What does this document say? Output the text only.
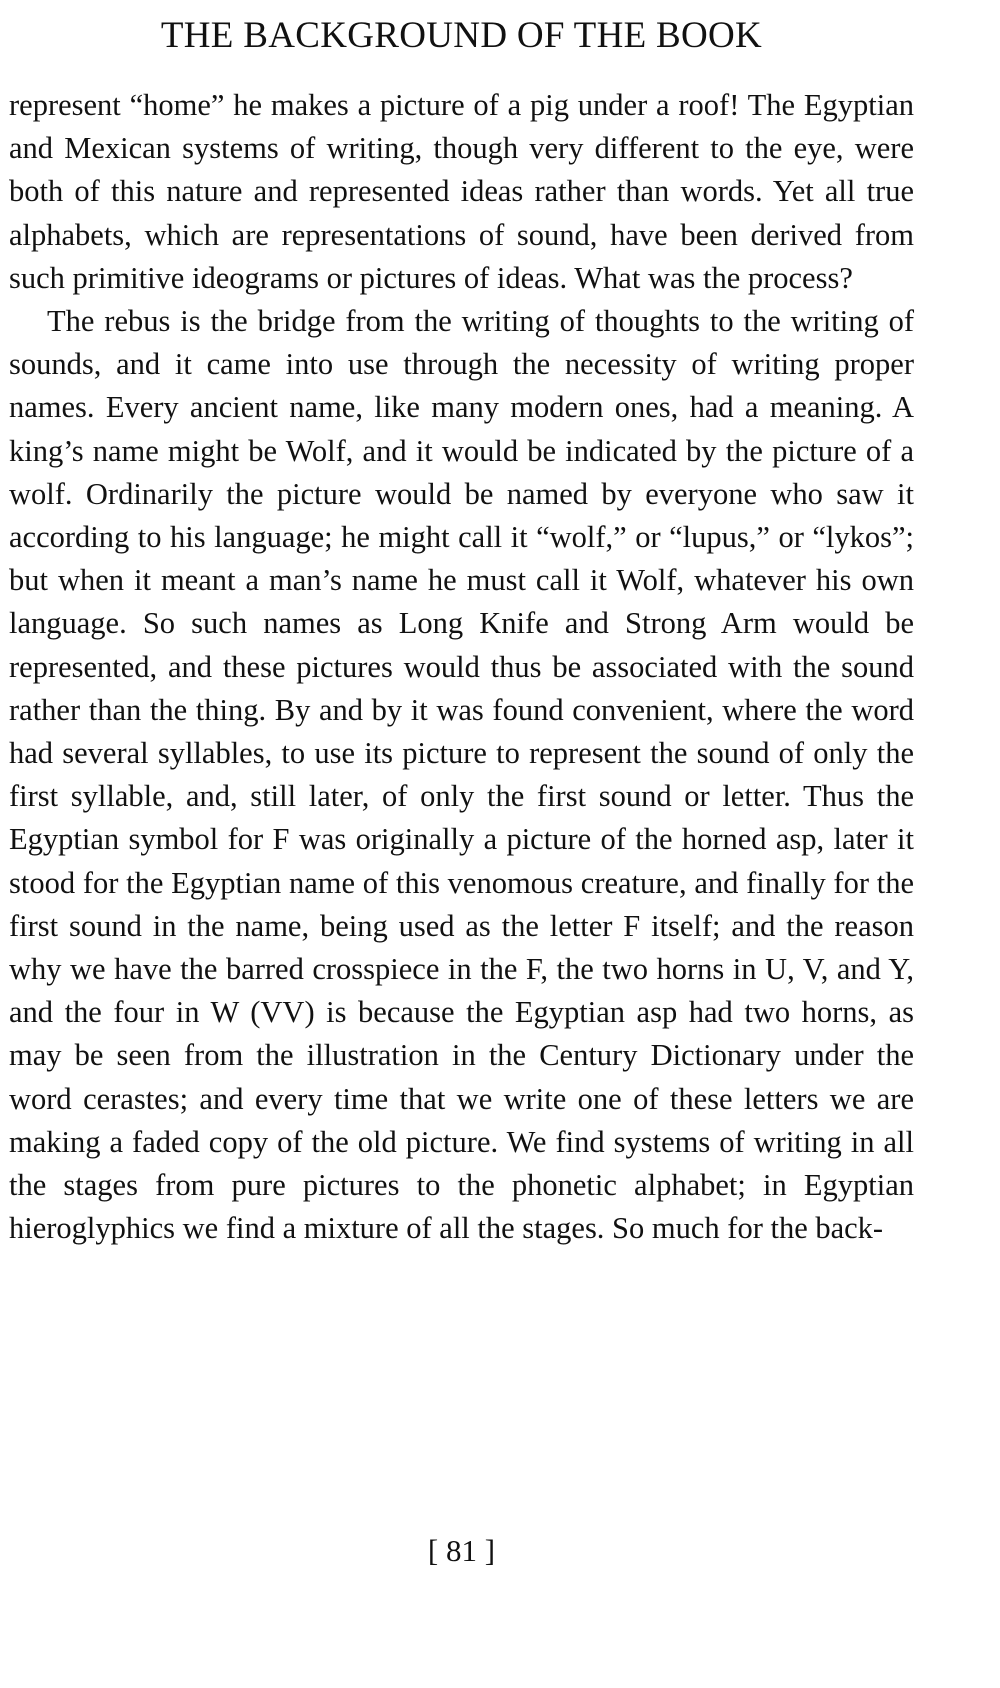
THE BACKGROUND OF THE BOOK

represent “home” he makes a picture of a pig under a roof! The Egyptian and Mexican systems of writing, though very different to the eye, were both of this nature and represented ideas rather than words. Yet all true alphabets, which are representations of sound, have been derived from such primitive ideograms or pictures of ideas. What was the process?

The rebus is the bridge from the writing of thoughts to the writing of sounds, and it came into use through the necessity of writing proper names. Every ancient name, like many modern ones, had a meaning. A king’s name might be Wolf, and it would be indicated by the picture of a wolf. Ordinarily the picture would be named by everyone who saw it according to his language; he might call it “wolf,” or “lupus,” or “lykos”; but when it meant a man’s name he must call it Wolf, whatever his own language. So such names as Long Knife and Strong Arm would be represented, and these pictures would thus be associated with the sound rather than the thing. By and by it was found convenient, where the word had several syllables, to use its picture to represent the sound of only the first syllable, and, still later, of only the first sound or letter. Thus the Egyptian symbol for F was originally a picture of the horned asp, later it stood for the Egyptian name of this venomous creature, and finally for the first sound in the name, being used as the letter F itself; and the reason why we have the barred crosspiece in the F, the two horns in U, V, and Y, and the four in W (VV) is because the Egyptian asp had two horns, as may be seen from the illustration in the Century Dictionary under the word cerastes; and every time that we write one of these letters we are making a faded copy of the old picture. We find systems of writing in all the stages from pure pictures to the phonetic alphabet; in Egyptian hieroglyphics we find a mixture of all the stages. So much for the back-

[ 81 ]
